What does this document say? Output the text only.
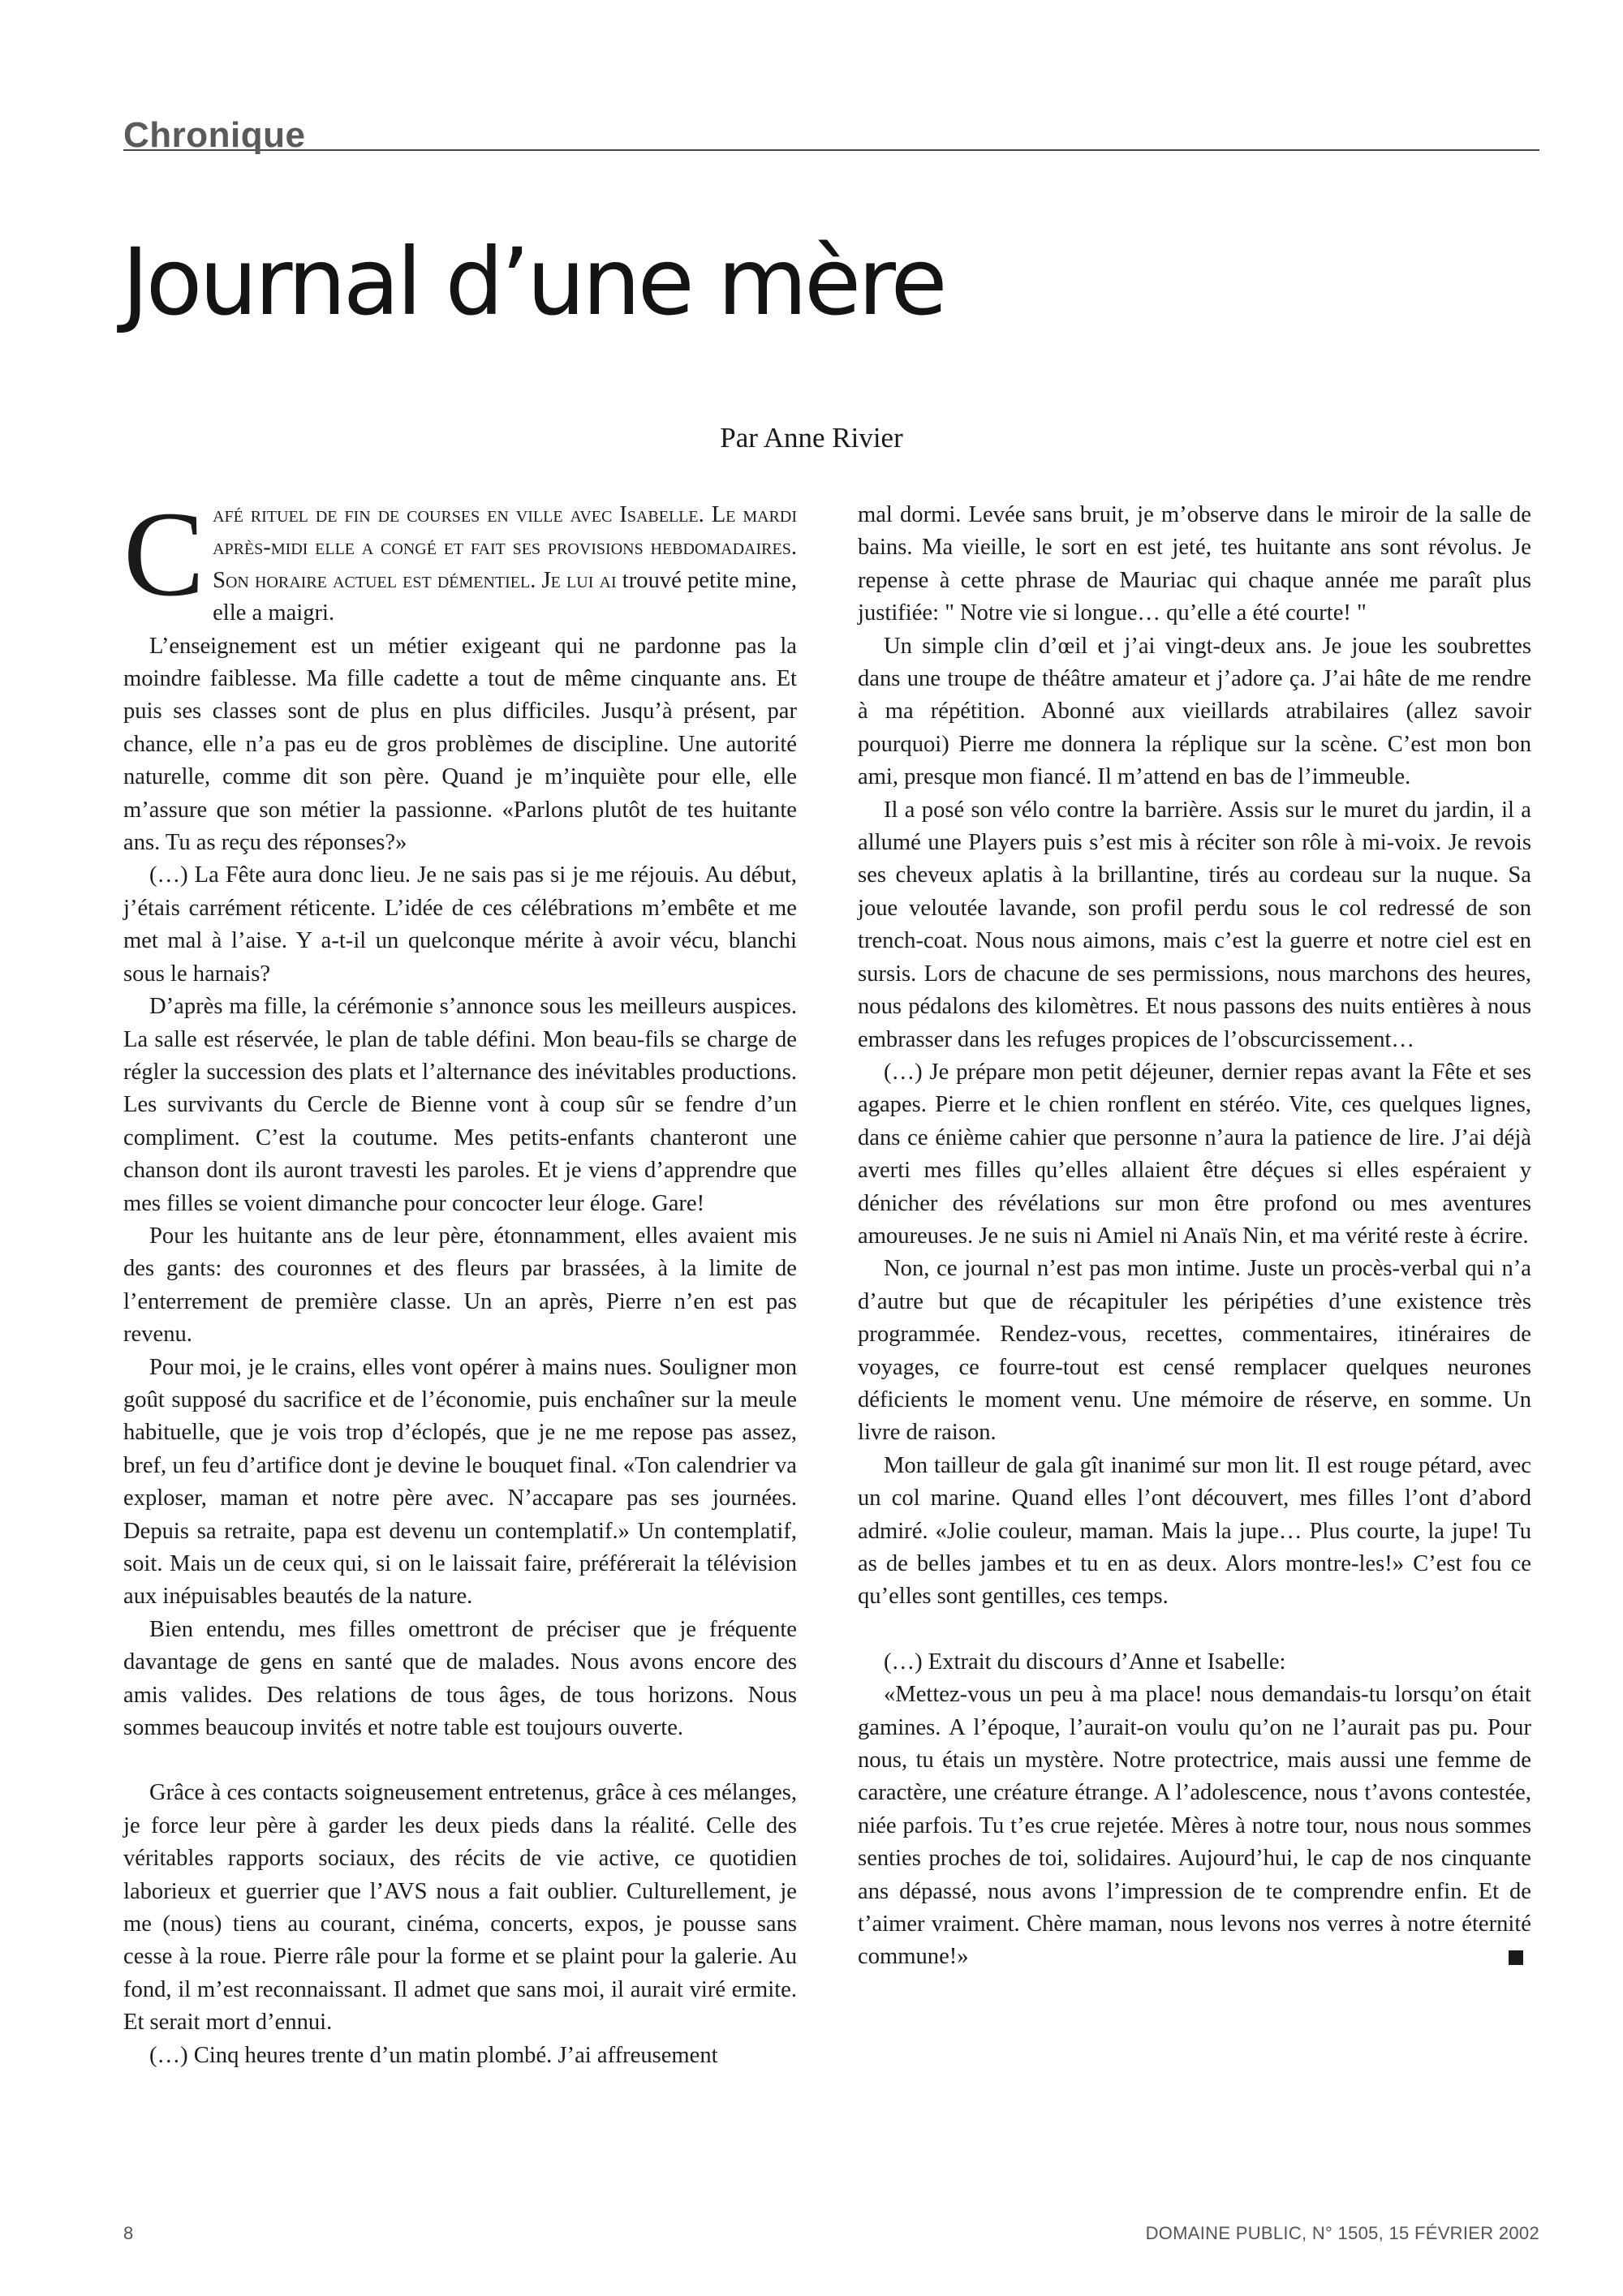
Chronique
Journal d’une mère
Par Anne Rivier

Café rituel de fin de courses en ville avec Isabelle. Le mardi après-midi elle a congé et fait ses provisions hebdomadaires. Son horaire actuel est démentiel. Je lui ai trouvé petite mine, elle a maigri.

L’enseignement est un métier exigeant qui ne pardonne pas la moindre faiblesse. Ma fille cadette a tout de même cinquante ans. Et puis ses classes sont de plus en plus difficiles. Jusqu’à présent, par chance, elle n’a pas eu de gros problèmes de discipline. Une autorité naturelle, comme dit son père. Quand je m’inquiète pour elle, elle m’assure que son métier la passionne. «Parlons plutôt de tes huitante ans. Tu as reçu des réponses?»

(…) La Fête aura donc lieu. Je ne sais pas si je me réjouis. Au début, j’étais carrément réticente. L’idée de ces célébrations m’embête et me met mal à l’aise. Y a-t-il un quelconque mérite à avoir vécu, blanchi sous le harnais?

D’après ma fille, la cérémonie s’annonce sous les meilleurs auspices. La salle est réservée, le plan de table défini. Mon beau-fils se charge de régler la succession des plats et l’alternance des inévitables productions. Les survivants du Cercle de Bienne vont à coup sûr se fendre d’un compliment. C’est la coutume. Mes petits-enfants chanteront une chanson dont ils auront travesti les paroles. Et je viens d’apprendre que mes filles se voient dimanche pour concocter leur éloge. Gare!

Pour les huitante ans de leur père, étonnamment, elles avaient mis des gants: des couronnes et des fleurs par brassées, à la limite de l’enterrement de première classe. Un an après, Pierre n’en est pas revenu.

Pour moi, je le crains, elles vont opérer à mains nues. Souligner mon goût supposé du sacrifice et de l’économie, puis enchaîner sur la meule habituelle, que je vois trop d’éclopés, que je ne me repose pas assez, bref, un feu d’artifice dont je devine le bouquet final. «Ton calendrier va exploser, maman et notre père avec. N’accapare pas ses journées. Depuis sa retraite, papa est devenu un contemplatif.» Un contemplatif, soit. Mais un de ceux qui, si on le laissait faire, préférerait la télévision aux inépuisables beautés de la nature.

Bien entendu, mes filles omettront de préciser que je fréquente davantage de gens en santé que de malades. Nous avons encore des amis valides. Des relations de tous âges, de tous horizons. Nous sommes beaucoup invités et notre table est toujours ouverte.

Grâce à ces contacts soigneusement entretenus, grâce à ces mélanges, je force leur père à garder les deux pieds dans la réalité. Celle des véritables rapports sociaux, des récits de vie active, ce quotidien laborieux et guerrier que l’AVS nous a fait oublier. Culturellement, je me (nous) tiens au courant, cinéma, concerts, expos, je pousse sans cesse à la roue. Pierre râle pour la forme et se plaint pour la galerie. Au fond, il m’est reconnaissant. Il admet que sans moi, il aurait viré ermite. Et serait mort d’ennui.

(…) Cinq heures trente d’un matin plombé. J’ai affreusement

mal dormi. Levée sans bruit, je m’observe dans le miroir de la salle de bains. Ma vieille, le sort en est jeté, tes huitante ans sont révolus. Je repense à cette phrase de Mauriac qui chaque année me paraît plus justifiée: " Notre vie si longue… qu’elle a été courte! "

Un simple clin d’œil et j’ai vingt-deux ans. Je joue les soubrettes dans une troupe de théâtre amateur et j’adore ça. J’ai hâte de me rendre à ma répétition. Abonné aux vieillards atrabilaires (allez savoir pourquoi) Pierre me donnera la réplique sur la scène. C’est mon bon ami, presque mon fiancé. Il m’attend en bas de l’immeuble.

Il a posé son vélo contre la barrière. Assis sur le muret du jardin, il a allumé une Players puis s’est mis à réciter son rôle à mi-voix. Je revois ses cheveux aplatis à la brillantine, tirés au cordeau sur la nuque. Sa joue veloutée lavande, son profil perdu sous le col redressé de son trench-coat. Nous nous aimons, mais c’est la guerre et notre ciel est en sursis. Lors de chacune de ses permissions, nous marchons des heures, nous pédalons des kilomètres. Et nous passons des nuits entières à nous embrasser dans les refuges propices de l’obscurcissement…

(…) Je prépare mon petit déjeuner, dernier repas avant la Fête et ses agapes. Pierre et le chien ronflent en stéréo. Vite, ces quelques lignes, dans ce énième cahier que personne n’aura la patience de lire. J’ai déjà averti mes filles qu’elles allaient être déçues si elles espéraient y dénicher des révélations sur mon être profond ou mes aventures amoureuses. Je ne suis ni Amiel ni Anaïs Nin, et ma vérité reste à écrire.

Non, ce journal n’est pas mon intime. Juste un procès-verbal qui n’a d’autre but que de récapituler les péripéties d’une existence très programmée. Rendez-vous, recettes, commentaires, itinéraires de voyages, ce fourre-tout est censé remplacer quelques neurones déficients le moment venu. Une mémoire de réserve, en somme. Un livre de raison.

Mon tailleur de gala gît inanimé sur mon lit. Il est rouge pétard, avec un col marine. Quand elles l’ont découvert, mes filles l’ont d’abord admiré. «Jolie couleur, maman. Mais la jupe… Plus courte, la jupe! Tu as de belles jambes et tu en as deux. Alors montre-les!» C’est fou ce qu’elles sont gentilles, ces temps.

(…) Extrait du discours d’Anne et Isabelle:

«Mettez-vous un peu à ma place! nous demandais-tu lorsqu’on était gamines. A l’époque, l’aurait-on voulu qu’on ne l’aurait pas pu. Pour nous, tu étais un mystère. Notre protectrice, mais aussi une femme de caractère, une créature étrange. A l’adolescence, nous t’avons contestée, niée parfois. Tu t’es crue rejetée. Mères à notre tour, nous nous sommes senties proches de toi, solidaires. Aujourd’hui, le cap de nos cinquante ans dépassé, nous avons l’impression de te comprendre enfin. Et de t’aimer vraiment. Chère maman, nous levons nos verres à notre éternité commune!»

8	DOMAINE PUBLIC, N° 1505, 15 FÉVRIER 2002
